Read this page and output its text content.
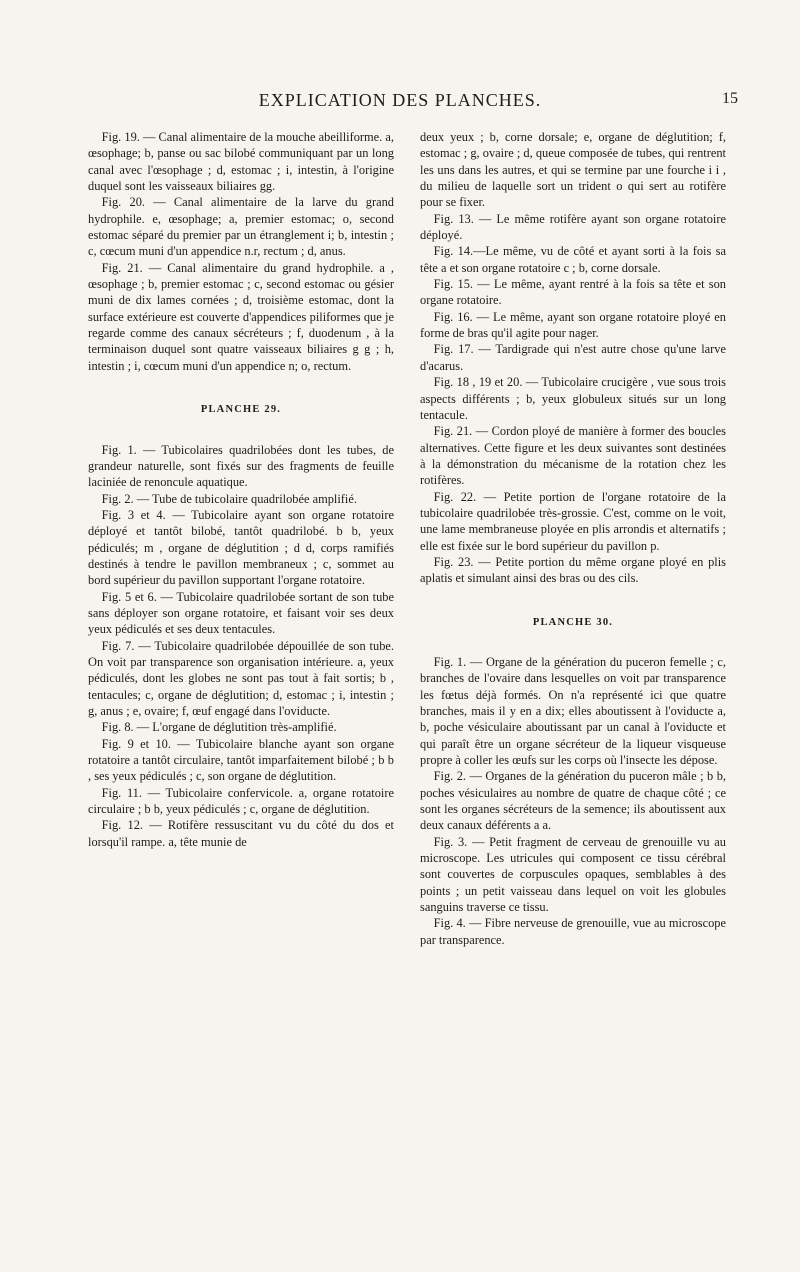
EXPLICATION DES PLANCHES.	15

Fig. 19. — Canal alimentaire de la mouche abeilliforme. a, œsophage; b, panse ou sac bilobé communiquant par un long canal avec l'œsophage ; d, estomac ; i, intestin, à l'origine duquel sont les vaisseaux biliaires gg.

Fig. 20. — Canal alimentaire de la larve du grand hydrophile. e, œsophage; a, premier estomac; o, second estomac séparé du premier par un étranglement i; b, intestin ; c, cœcum muni d'un appendice n.r, rectum ; d, anus.

Fig. 21. — Canal alimentaire du grand hydrophile. a , œsophage ; b, premier estomac ; c, second estomac ou gésier muni de dix lames cornées ; d, troisième estomac, dont la surface extérieure est couverte d'appendices piliformes que je regarde comme des canaux sécréteurs ; f, duodenum , à la terminaison duquel sont quatre vaisseaux biliaires g g ; h, intestin ; i, cœcum muni d'un appendice n; o, rectum.

PLANCHE 29.

Fig. 1. — Tubicolaires quadrilobées dont les tubes, de grandeur naturelle, sont fixés sur des fragments de feuille laciniée de renoncule aquatique.

Fig. 2. — Tube de tubicolaire quadrilobée amplifié.

Fig. 3 et 4. — Tubicolaire ayant son organe rotatoire déployé et tantôt bilobé, tantôt quadrilobé. b b, yeux pédiculés; m , organe de déglutition ; d d, corps ramifiés destinés à tendre le pavillon membraneux ; c, sommet au bord supérieur du pavillon supportant l'organe rotatoire.

Fig. 5 et 6. — Tubicolaire quadrilobée sortant de son tube sans déployer son organe rotatoire, et faisant voir ses deux yeux pédiculés et ses deux tentacules.

Fig. 7. — Tubicolaire quadrilobée dépouillée de son tube. On voit par transparence son organisation intérieure. a, yeux pédiculés, dont les globes ne sont pas tout à fait sortis; b , tentacules; c, organe de déglutition; d, estomac ; i, intestin ; g, anus ; e, ovaire; f, œuf engagé dans l'oviducte.

Fig. 8. — L'organe de déglutition très-amplifié.

Fig. 9 et 10. — Tubicolaire blanche ayant son organe rotatoire a tantôt circulaire, tantôt imparfaitement bilobé ; b b , ses yeux pédiculés ; c, son organe de déglutition.

Fig. 11. — Tubicolaire confervicole. a, organe rotatoire circulaire ; b b, yeux pédiculés ; c, organe de déglutition.

Fig. 12. — Rotifère ressuscitant vu du côté du dos et lorsqu'il rampe. a, tête munie de

deux yeux ; b, corne dorsale; e, organe de déglutition; f, estomac ; g, ovaire ; d, queue composée de tubes, qui rentrent les uns dans les autres, et qui se termine par une fourche i i , du milieu de laquelle sort un trident o qui sert au rotifère pour se fixer.

Fig. 13. — Le même rotifère ayant son organe rotatoire déployé.

Fig. 14.—Le même, vu de côté et ayant sorti à la fois sa tête a et son organe rotatoire c ; b, corne dorsale.

Fig. 15. — Le même, ayant rentré à la fois sa tête et son organe rotatoire.

Fig. 16. — Le même, ayant son organe rotatoire ployé en forme de bras qu'il agite pour nager.

Fig. 17. — Tardigrade qui n'est autre chose qu'une larve d'acarus.

Fig. 18 , 19 et 20. — Tubicolaire crucigère , vue sous trois aspects différents ; b, yeux globuleux situés sur un long tentacule.

Fig. 21. — Cordon ployé de manière à former des boucles alternatives. Cette figure et les deux suivantes sont destinées à la démonstration du mécanisme de la rotation chez les rotifères.

Fig. 22. — Petite portion de l'organe rotatoire de la tubicolaire quadrilobée très-grossie. C'est, comme on le voit, une lame membraneuse ployée en plis arrondis et alternatifs ; elle est fixée sur le bord supérieur du pavillon p.

Fig. 23. — Petite portion du même organe ployé en plis aplatis et simulant ainsi des bras ou des cils.

PLANCHE 30.

Fig. 1. — Organe de la génération du puceron femelle ; c, branches de l'ovaire dans lesquelles on voit par transparence les fœtus déjà formés. On n'a représenté ici que quatre branches, mais il y en a dix; elles aboutissent à l'oviducte a, b, poche vésiculaire aboutissant par un canal à l'oviducte et qui paraît être un organe sécréteur de la liqueur visqueuse propre à coller les œufs sur les corps où l'insecte les dépose.

Fig. 2. — Organes de la génération du puceron mâle ; b b, poches vésiculaires au nombre de quatre de chaque côté ; ce sont les organes sécréteurs de la semence; ils aboutissent aux deux canaux déférents a a.

Fig. 3. — Petit fragment de cerveau de grenouille vu au microscope. Les utricules qui composent ce tissu cérébral sont couvertes de corpuscules opaques, semblables à des points ; un petit vaisseau dans lequel on voit les globules sanguins traverse ce tissu.

Fig. 4. — Fibre nerveuse de grenouille, vue au microscope par transparence.
